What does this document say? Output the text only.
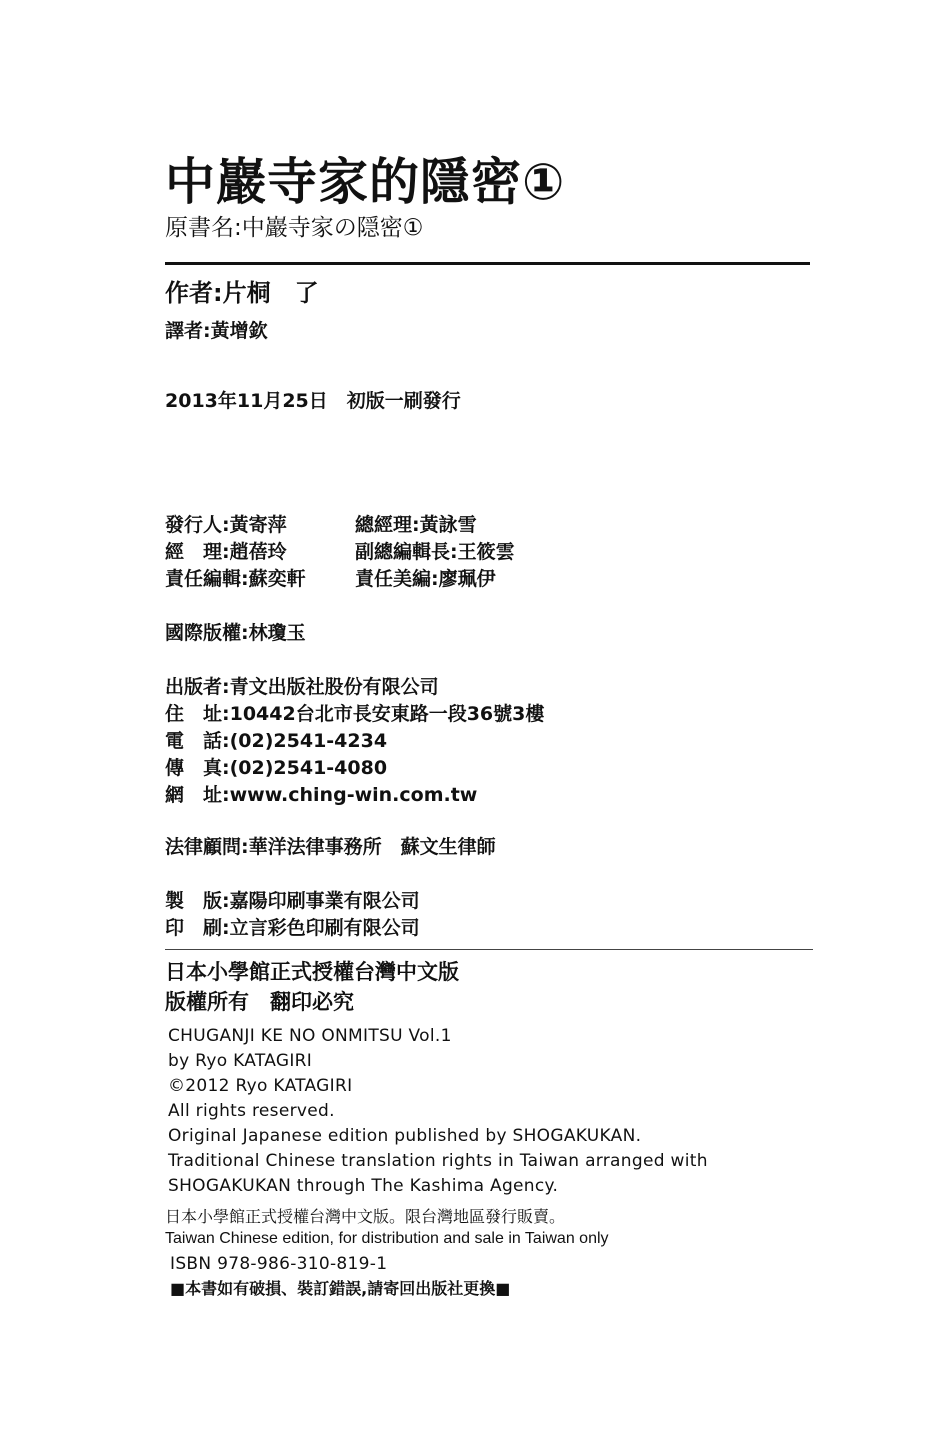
中巖寺家的隱密①
原書名:中巖寺家の隠密①
作者:片桐　了
譯者:黃增欽
2013年11月25日　初版一刷發行
發行人:黃寄萍	總經理:黃詠雪
經　理:趙蓓玲	副總編輯長:王筱雲
責任編輯:蘇奕軒	責任美編:廖珮伊
國際版權:林瓊玉
出版者:青文出版社股份有限公司
住　址:10442台北市長安東路一段36號3樓
電　話:(02)2541-4234
傳　真:(02)2541-4080
網　址:www.ching-win.com.tw
法律顧問:華洋法律事務所　蘇文生律師
製　版:嘉陽印刷事業有限公司
印　刷:立言彩色印刷有限公司
日本小學館正式授權台灣中文版
版權所有　翻印必究
CHUGANJI KE NO ONMITSU Vol.1
by Ryo KATAGIRI
©2012 Ryo KATAGIRI
All rights reserved.
Original Japanese edition published by SHOGAKUKAN.
Traditional Chinese translation rights in Taiwan arranged with
SHOGAKUKAN through The Kashima Agency.
日本小學館正式授權台灣中文版。限台灣地區發行販賣。
Taiwan Chinese edition, for distribution and sale in Taiwan only
ISBN 978-986-310-819-1
■本書如有破損、裝訂錯誤,請寄回出版社更換■
